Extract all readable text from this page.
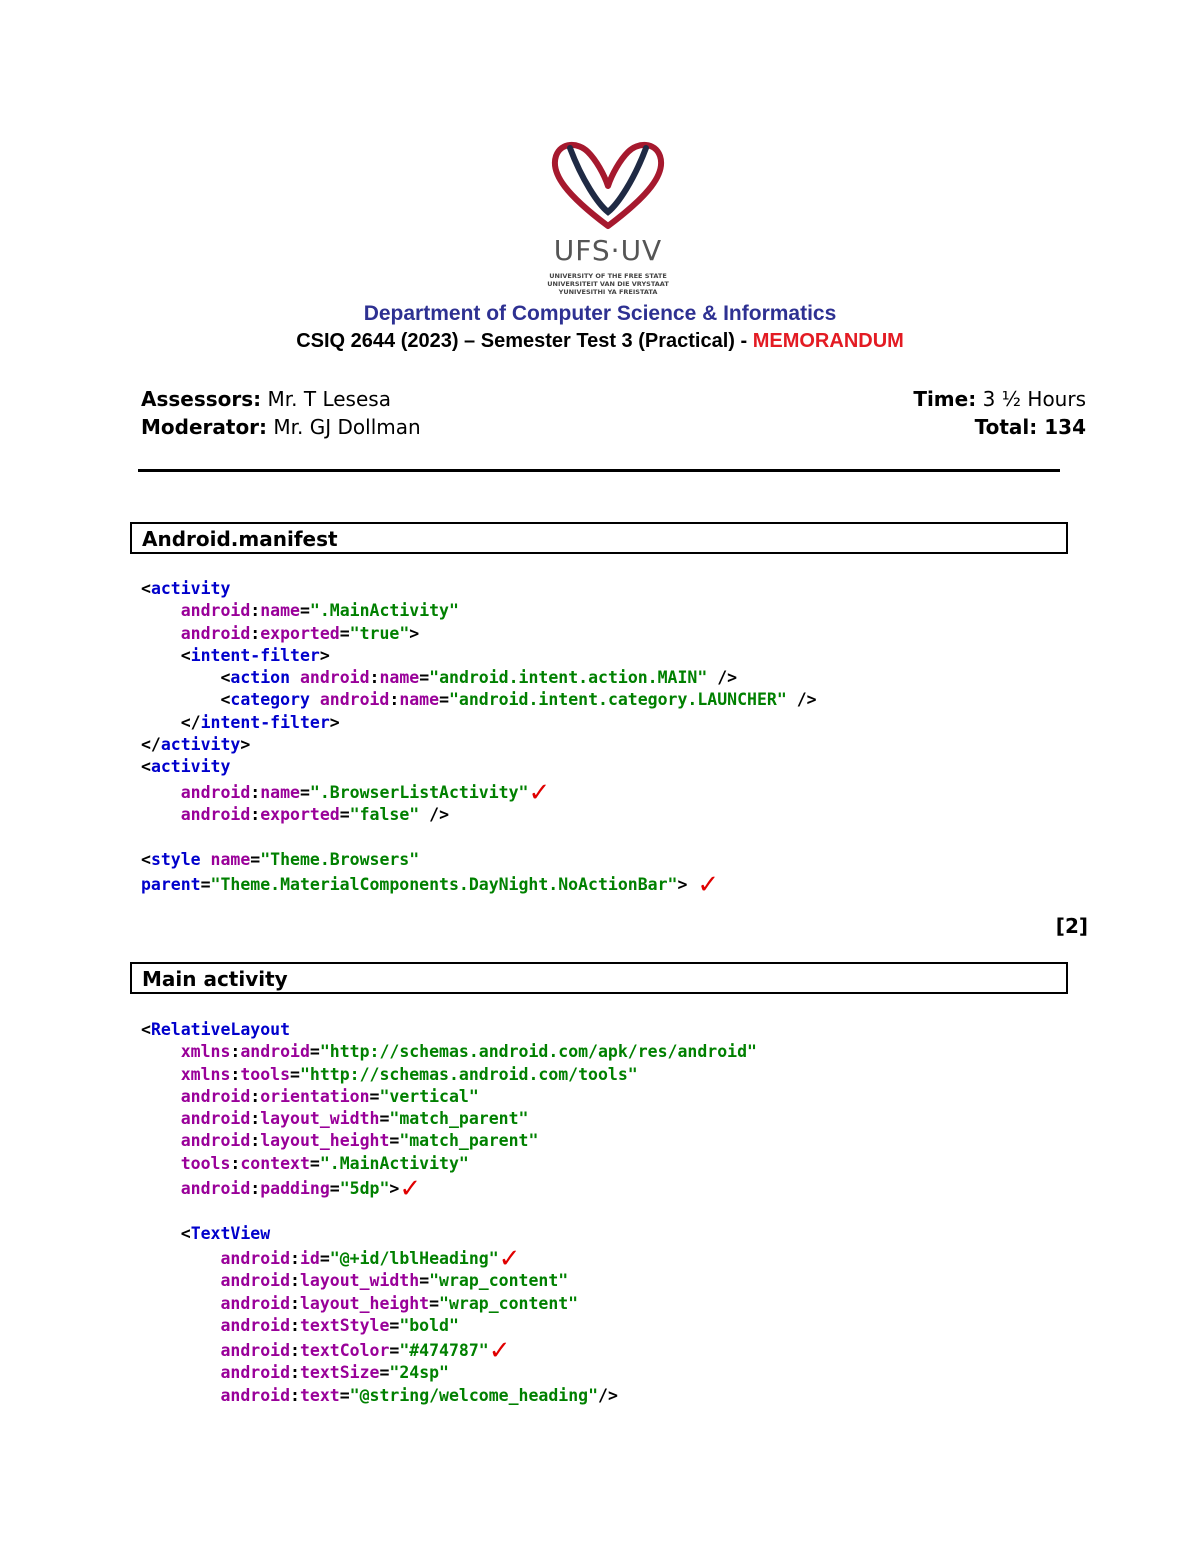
UFS·UV
UNIVERSITY OF THE FREE STATE
UNIVERSITEIT VAN DIE VRYSTAAT
YUNIVESITHI YA FREISTATA
Department of Computer Science & Informatics
CSIQ 2644 (2023) – Semester Test 3 (Practical) - MEMORANDUM
Assessors: Mr. T Lesesa
Moderator: Mr. GJ Dollman
Time: 3 ½ Hours
Total: 134
Android.manifest
<activity
android:name=".MainActivity"
android:exported="true">
<intent-filter>
<action android:name="android.intent.action.MAIN" />
<category android:name="android.intent.category.LAUNCHER" />
</intent-filter>
</activity>
<activity
android:name=".BrowserListActivity"✓
android:exported="false" />

<style name="Theme.Browsers"
parent="Theme.MaterialComponents.DayNight.NoActionBar"> ✓
[2]
Main activity
<RelativeLayout
xmlns:android="http://schemas.android.com/apk/res/android"
xmlns:tools="http://schemas.android.com/tools"
android:orientation="vertical"
android:layout_width="match_parent"
android:layout_height="match_parent"
tools:context=".MainActivity"
android:padding="5dp">✓

<TextView
android:id="@+id/lblHeading"✓
android:layout_width="wrap_content"
android:layout_height="wrap_content"
android:textStyle="bold"
android:textColor="#474787"✓
android:textSize="24sp"
android:text="@string/welcome_heading"/>
